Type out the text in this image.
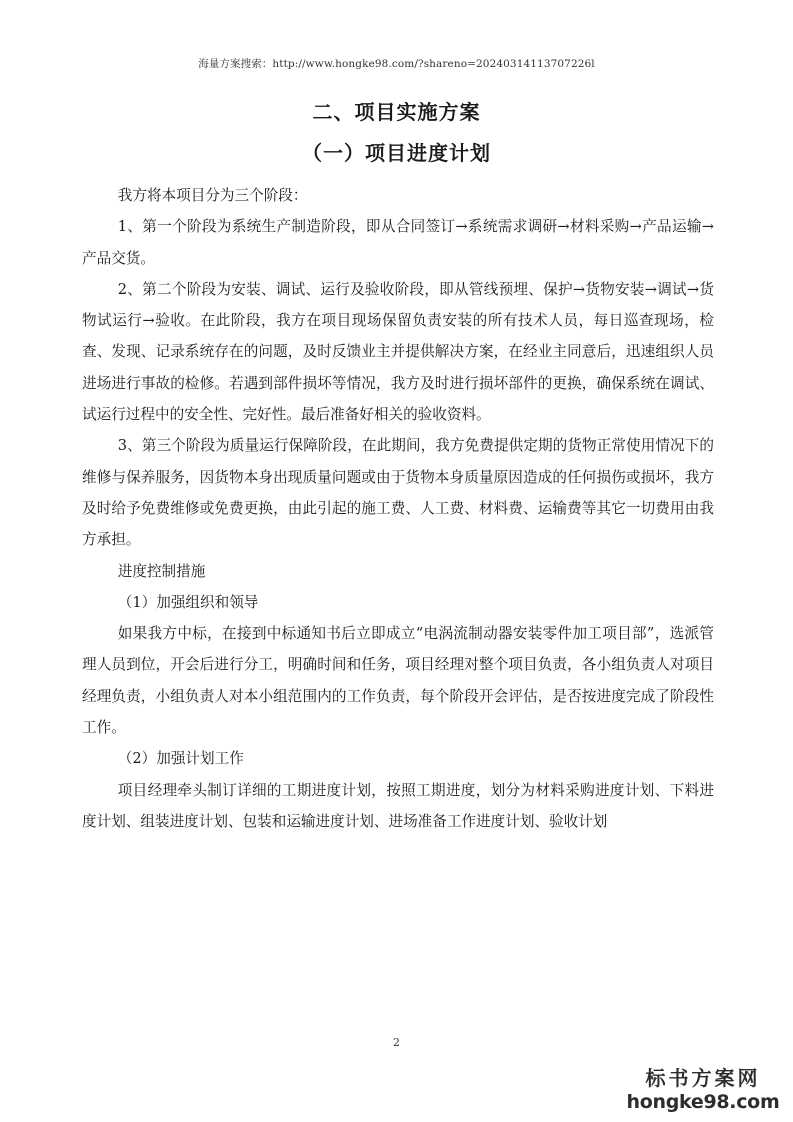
海量方案搜索：http://www.hongke98.com/?shareno=20240314113707226l
二、项目实施方案
（一）项目进度计划

我方将本项目分为三个阶段：

1、第一个阶段为系统生产制造阶段，即从合同签订→系统需求调研→材料采购→产品运输→产品交货。

2、第二个阶段为安装、调试、运行及验收阶段，即从管线预埋、保护→货物安装→调试→货物试运行→验收。在此阶段，我方在项目现场保留负责安装的所有技术人员，每日巡查现场，检查、发现、记录系统存在的问题，及时反馈业主并提供解决方案，在经业主同意后，迅速组织人员进场进行事故的检修。若遇到部件损坏等情况，我方及时进行损坏部件的更换，确保系统在调试、试运行过程中的安全性、完好性。最后准备好相关的验收资料。

3、第三个阶段为质量运行保障阶段，在此期间，我方免费提供定期的货物正常使用情况下的维修与保养服务，因货物本身出现质量问题或由于货物本身质量原因造成的任何损伤或损坏，我方及时给予免费维修或免费更换，由此引起的施工费、人工费、材料费、运输费等其它一切费用由我方承担。

进度控制措施

（1）加强组织和领导

如果我方中标，在接到中标通知书后立即成立“电涡流制动器安装零件加工项目部”，选派管理人员到位，开会后进行分工，明确时间和任务，项目经理对整个项目负责，各小组负责人对项目经理负责，小组负责人对本小组范围内的工作负责，每个阶段开会评估，是否按进度完成了阶段性工作。

（2）加强计划工作

项目经理牵头制订详细的工期进度计划，按照工期进度，划分为材料采购进度计划、下料进度计划、组装进度计划、包装和运输进度计划、进场准备工作进度计划、验收计划

2
标书方案网
hongke98.com
